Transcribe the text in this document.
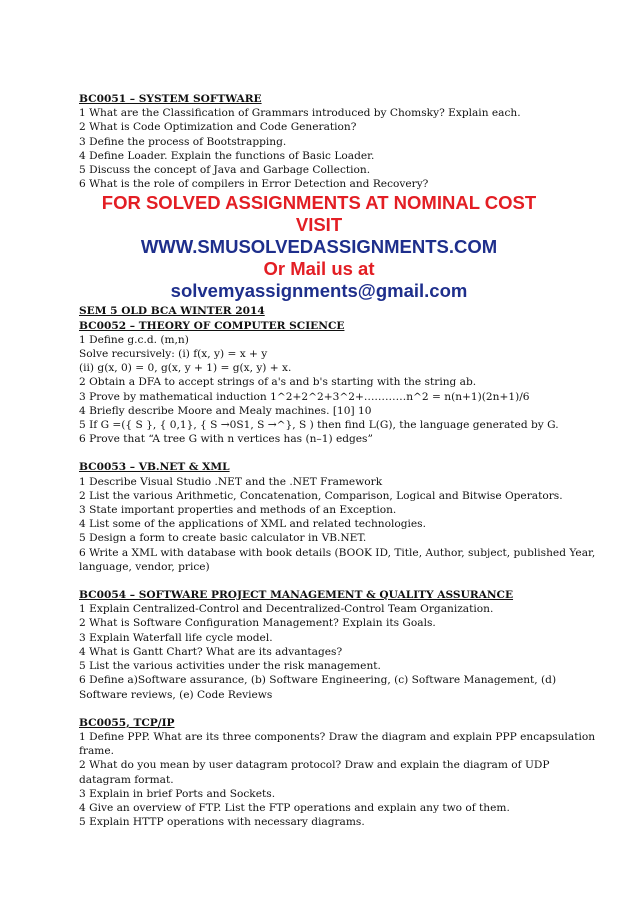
BC0051 – SYSTEM SOFTWARE
1 What are the Classification of Grammars introduced by Chomsky? Explain each.
2 What is Code Optimization and Code Generation?
3 Define the process of Bootstrapping.
4 Define Loader. Explain the functions of Basic Loader.
5 Discuss the concept of Java and Garbage Collection.
6 What is the role of compilers in Error Detection and Recovery?
FOR SOLVED ASSIGNMENTS AT NOMINAL COST
VISIT
WWW.SMUSOLVEDASSIGNMENTS.COM
Or Mail us at
solvemyassignments@gmail.com
SEM 5 OLD BCA WINTER 2014
BC0052 – THEORY OF COMPUTER SCIENCE
1 Define g.c.d. (m,n)
Solve recursively: (i) f(x, y) = x + y
(ii) g(x, 0) = 0, g(x, y + 1) = g(x, y) + x.
2 Obtain a DFA to accept strings of a's and b's starting with the string ab.
3 Prove by mathematical induction 1^2+2^2+3^2+…………n^2 = n(n+1)(2n+1)/6
4 Briefly describe Moore and Mealy machines. [10] 10
5 If G =({ S }, { 0,1}, { S →0S1, S →^}, S ) then find L(G), the language generated by G.
6 Prove that “A tree G with n vertices has (n–1) edges”
BC0053 – VB.NET & XML
1 Describe Visual Studio .NET and the .NET Framework
2 List the various Arithmetic, Concatenation, Comparison, Logical and Bitwise Operators.
3 State important properties and methods of an Exception.
4 List some of the applications of XML and related technologies.
5 Design a form to create basic calculator in VB.NET.
6 Write a XML with database with book details (BOOK ID, Title, Author, subject, published Year, language, vendor, price)
BC0054 – SOFTWARE PROJECT MANAGEMENT & QUALITY ASSURANCE
1 Explain Centralized-Control and Decentralized-Control Team Organization.
2 What is Software Configuration Management? Explain its Goals.
3 Explain Waterfall life cycle model.
4 What is Gantt Chart? What are its advantages?
5 List the various activities under the risk management.
6 Define a)Software assurance, (b) Software Engineering, (c) Software Management, (d) Software reviews, (e) Code Reviews
BC0055, TCP/IP
1 Define PPP. What are its three components? Draw the diagram and explain PPP encapsulation frame.
2 What do you mean by user datagram protocol? Draw and explain the diagram of UDP datagram format.
3 Explain in brief Ports and Sockets.
4 Give an overview of FTP. List the FTP operations and explain any two of them.
5 Explain HTTP operations with necessary diagrams.
